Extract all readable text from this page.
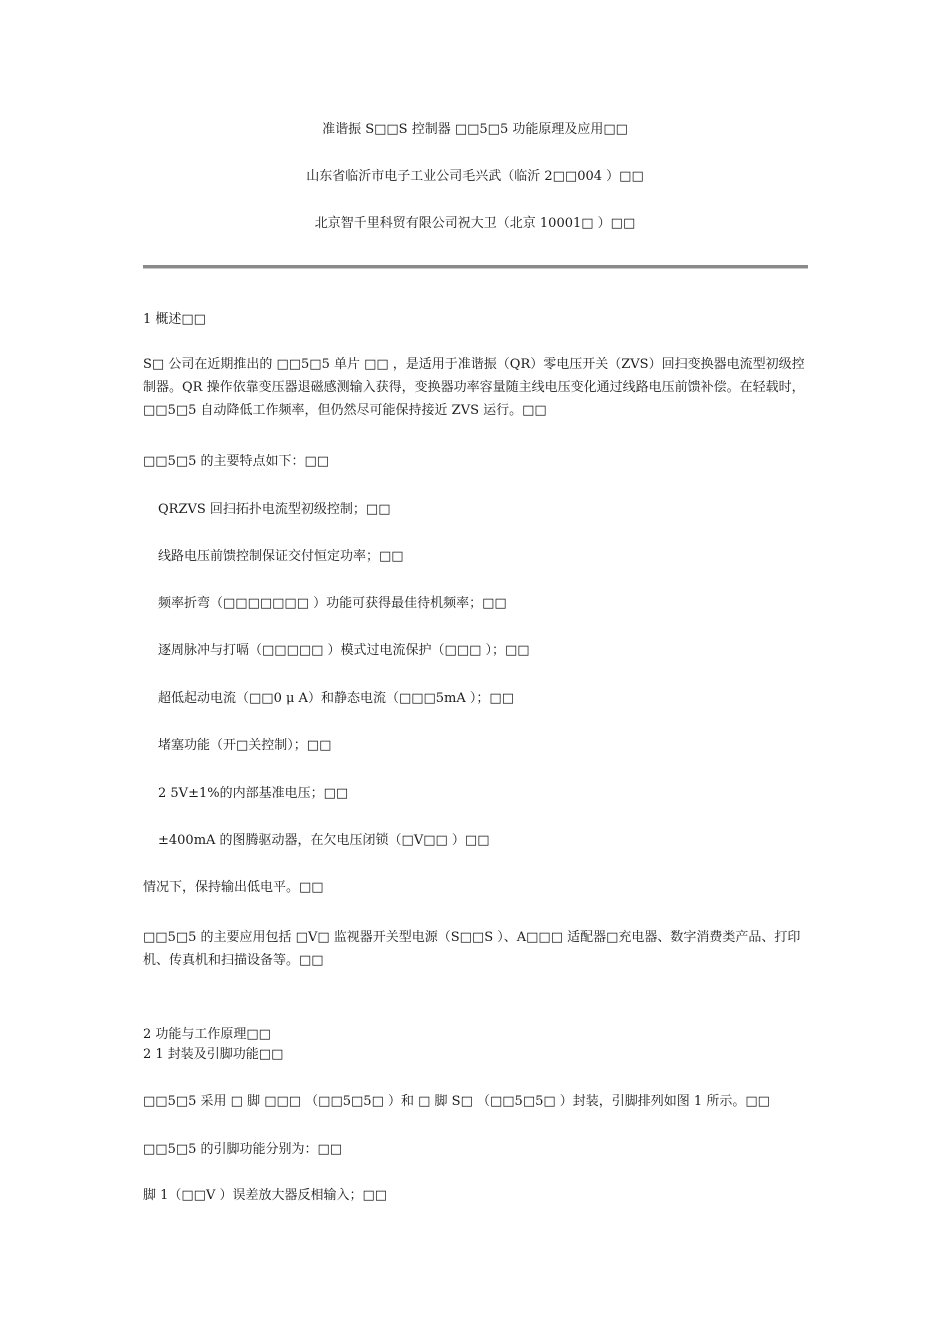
准谐振 S□□S 控制器 □□5□5 功能原理及应用□□
山东省临沂市电子工业公司毛兴武（临沂 2□□004 ）□□
北京智千里科贸有限公司祝大卫（北京 10001□ ）□□
1 概述□□
S□ 公司在近期推出的 □□5□5 单片 □□ ，是适用于准谐振（QR）零电压开关（ZVS）回扫变换器电流型初级控制器。QR 操作依靠变压器退磁感测输入获得，变换器功率容量随主线电压变化通过线路电压前馈补偿。在轻载时，□□5□5 自动降低工作频率，但仍然尽可能保持接近 ZVS 运行。□□
□□5□5 的主要特点如下：□□
QRZVS 回扫拓扑电流型初级控制；□□
线路电压前馈控制保证交付恒定功率；□□
频率折弯（□□□□□□□ ）功能可获得最佳待机频率；□□
逐周脉冲与打嗝（□□□□□ ）模式过电流保护（□□□ ）；□□
超低起动电流（□□0 μ A）和静态电流（□□□5mA ）；□□
堵塞功能（开□关控制）；□□
2 5V±1%的内部基准电压；□□
±400mA 的图腾驱动器，在欠电压闭锁（□V□□ ）□□
情况下，保持输出低电平。□□
□□5□5 的主要应用包括 □V□ 监视器开关型电源（S□□S ）、A□□□ 适配器□充电器、数字消费类产品、打印机、传真机和扫描设备等。□□
2 功能与工作原理□□
2 1 封装及引脚功能□□
□□5□5 采用 □ 脚 □□□ （□□5□5□ ）和 □ 脚 S□ （□□5□5□ ）封装，引脚排列如图 1 所示。□□
□□5□5 的引脚功能分别为：□□
脚 1（□□V ）误差放大器反相输入；□□
